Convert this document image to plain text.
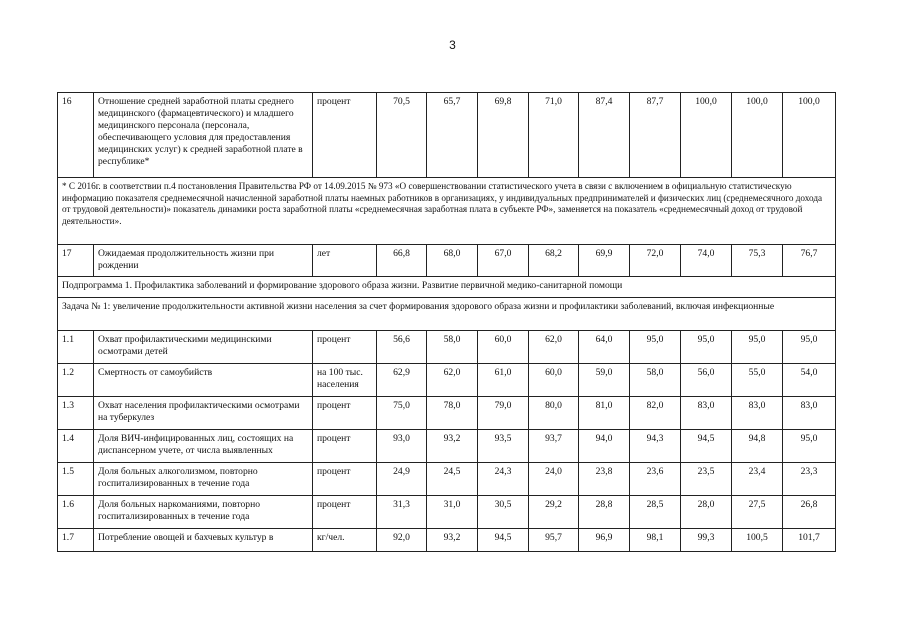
3
16	Отношение средней заработной платы среднего медицинского (фармацевтического) и младшего медицинского персонала (персонала, обеспечивающего условия для предоставления медицинских услуг) к средней заработной плате в республике*	процент	70,5	65,7	69,8	71,0	87,4	87,7	100,0	100,0	100,0
* С 2016г. в соответствии п.4 постановления Правительства РФ от 14.09.2015 № 973 «О совершенствовании статистического учета в связи с включением в официальную статистическую информацию показателя среднемесячной начисленной заработной платы наемных работников в организациях, у индивидуальных предпринимателей и физических лиц (среднемесячного дохода от трудовой деятельности)» показатель динамики роста заработной платы «среднемесячная заработная плата в субъекте РФ», заменяется на показатель «среднемесячный доход от трудовой деятельности».											
17	Ожидаемая продолжительность жизни при рождении	лет	66,8	68,0	67,0	68,2	69,9	72,0	74,0	75,3	76,7
Подпрограмма 1. Профилактика заболеваний и формирование здорового образа жизни. Развитие первичной медико-санитарной помощи											
Задача № 1: увеличение продолжительности активной жизни населения за счет формирования здорового образа жизни и профилактики заболеваний, включая инфекционные											
1.1	Охват профилактическими медицинскими осмотрами детей	процент	56,6	58,0	60,0	62,0	64,0	95,0	95,0	95,0	95,0
1.2	Смертность от самоубийств	на 100 тыс. населения	62,9	62,0	61,0	60,0	59,0	58,0	56,0	55,0	54,0
1.3	Охват населения профилактическими осмотрами на туберкулез	процент	75,0	78,0	79,0	80,0	81,0	82,0	83,0	83,0	83,0
1.4	Доля ВИЧ-инфицированных лиц, состоящих на диспансерном учете, от числа выявленных	процент	93,0	93,2	93,5	93,7	94,0	94,3	94,5	94,8	95,0
1.5	Доля больных алкоголизмом, повторно госпитализированных в течение года	процент	24,9	24,5	24,3	24,0	23,8	23,6	23,5	23,4	23,3
1.6	Доля больных наркоманиями, повторно госпитализированных в течение года	процент	31,3	31,0	30,5	29,2	28,8	28,5	28,0	27,5	26,8
1.7	Потребление овощей и бахчевых культур в	кг/чел.	92,0	93,2	94,5	95,7	96,9	98,1	99,3	100,5	101,7
